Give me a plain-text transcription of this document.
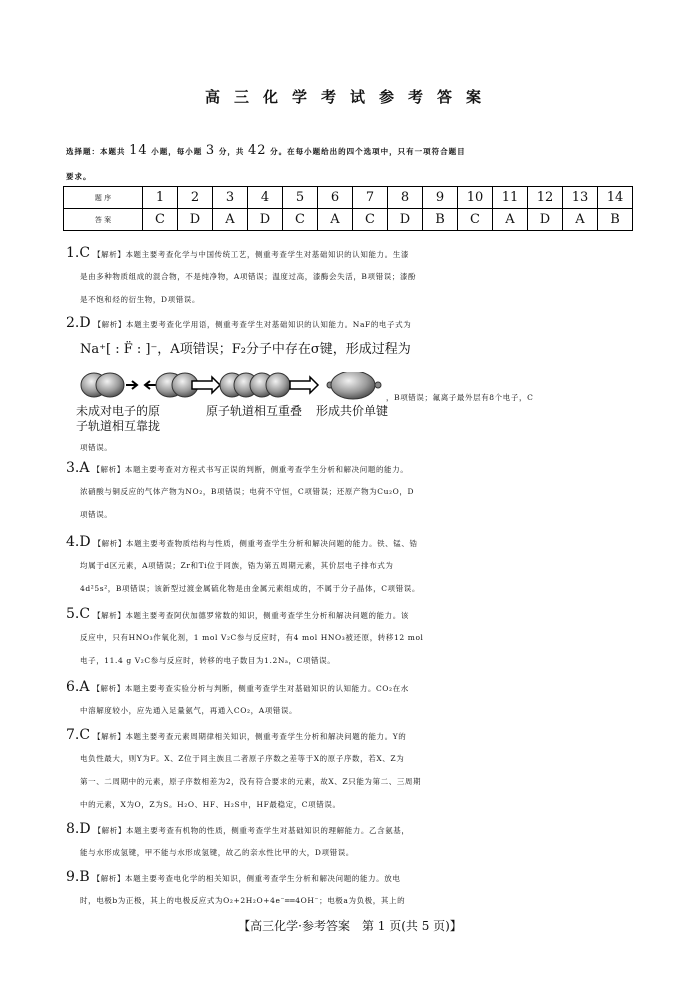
高三化学考试参考答案
选择题：本题共 14 小题，每小题 3 分，共 42 分。在每小题给出的四个选项中，只有一项符合题目
要求。
题 序	1	2	3	4	5	6	7	8	9	10	11	12	13	14
答 案	C	D	A	D	C	A	C	D	B	C	A	D	A	B
1.C 【解析】本题主要考查化学与中国传统工艺，侧重考查学生对基础知识的认知能力。生漆
是由多种物质组成的混合物，不是纯净物，A项错误；温度过高，漆酶会失活，B项错误；漆酚
是不饱和烃的衍生物，D项错误。
2.D 【解析】本题主要考查化学用语，侧重考查学生对基础知识的认知能力。NaF的电子式为
Na⁺[ : F̈ : ]⁻，A项错误；F₂分子中存在σ键，形成过程为
未成对电子的原
子轨道相互靠拢
原子轨道相互重叠 形成共价单键
，B项错误；氟离子最外层有8个电子，C
项错误。
3.A 【解析】本题主要考查对方程式书写正误的判断，侧重考查学生分析和解决问题的能力。
浓硝酸与铜反应的气体产物为NO₂，B项错误；电荷不守恒，C项错误；还原产物为Cu₂O，D
项错误。
4.D 【解析】本题主要考查物质结构与性质，侧重考查学生分析和解决问题的能力。铁、锰、锆
均属于d区元素，A项错误；Zr和Ti位于同族，锆为第五周期元素，其价层电子排布式为
4d²5s²，B项错误；该新型过渡金属硫化物是由金属元素组成的，不属于分子晶体，C项错误。
5.C 【解析】本题主要考查阿伏加德罗常数的知识，侧重考查学生分析和解决问题的能力。该
反应中，只有HNO₃作氧化剂，1 mol V₂C参与反应时，有4 mol HNO₃被还原，转移12 mol
电子，11.4 g V₂C参与反应时，转移的电子数目为1.2Nₐ，C项错误。
6.A 【解析】本题主要考查实验分析与判断，侧重考查学生对基础知识的认知能力。CO₂在水
中溶解度较小，应先通入足量氨气，再通入CO₂，A项错误。
7.C 【解析】本题主要考查元素周期律相关知识，侧重考查学生分析和解决问题的能力。Y的
电负性最大，则Y为F。X、Z位于同主族且二者原子序数之差等于X的原子序数，若X、Z为
第一、二周期中的元素，原子序数相差为2，没有符合要求的元素，故X、Z只能为第二、三周期
中的元素，X为O，Z为S。H₂O、HF、H₂S中，HF最稳定，C项错误。
8.D 【解析】本题主要考查有机物的性质，侧重考查学生对基础知识的理解能力。乙含氨基，
能与水形成氢键，甲不能与水形成氢键，故乙的亲水性比甲的大，D项错误。
9.B 【解析】本题主要考查电化学的相关知识，侧重考查学生分析和解决问题的能力。放电
时，电极b为正极，其上的电极反应式为O₂+2H₂O+4e⁻══4OH⁻；电极a为负极，其上的
【高三化学·参考答案　第 1 页(共 5 页)】
